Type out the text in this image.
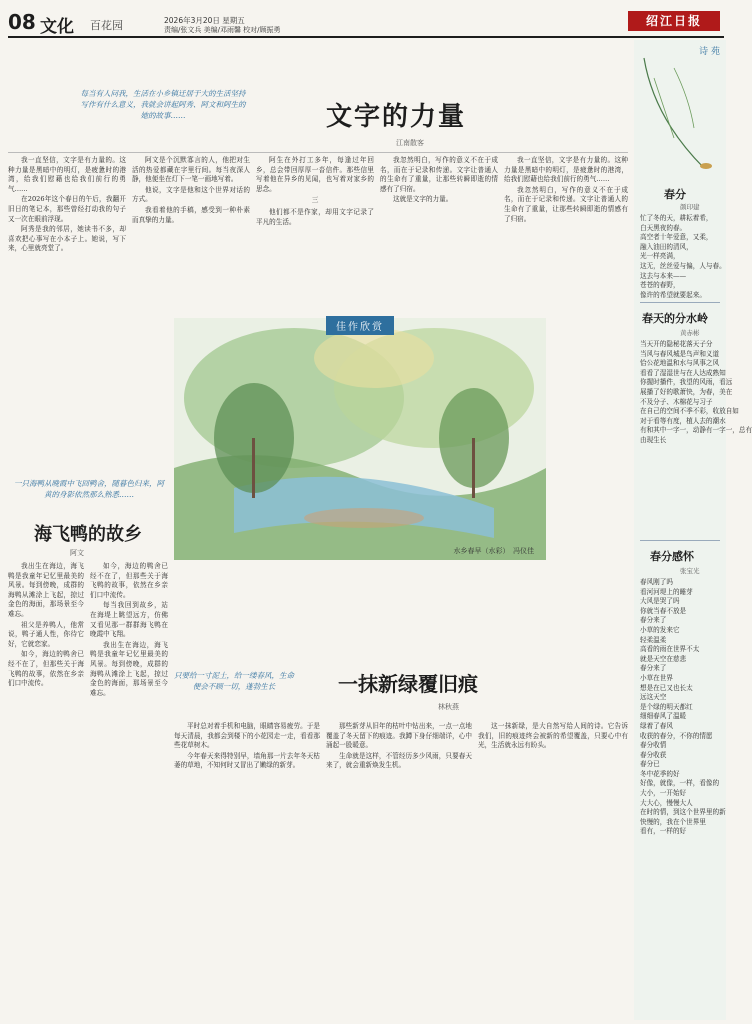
08 文化 百花园	2026年3月20日 星期五
责编/张文兵 美编/邓雨馨 校对/顾振勇
绍江日报
每当有人问我，生活在小乡镇迁居于大的生活坚持写作有什么意义，我就会讲起阿秀、阿文和阿生的她的故事……	文字的力量
江南散客

我一直坚信，文字是有力量的。这种力量是黑暗中的明灯，是疲惫时的港湾，给我们慰藉也给我们前行的勇气……

在2026年这个春日的午后，我翻开旧日的笔记本，那些曾经打动我的句子又一次在眼前浮现。

阿秀是我的邻居，她读书不多，却喜欢把心事写在小本子上。她说，写下来，心里就亮堂了。

阿文是个沉默寡言的人，他把对生活的热爱都藏在字里行间。每当夜深人静，他便坐在灯下一笔一画地写着。

他说，文字是他和这个世界对话的方式。

我看着他的手稿，感受到一种朴素而真挚的力量。

阿生在外打工多年，每逢过年回乡，总会带回厚厚一沓信件。那些信里写着他在异乡的见闻，也写着对家乡的思念。

三

他们都不是作家，却用文字记录了平凡的生活。

我忽然明白，写作的意义不在于成名，而在于记录和传递。文字让普通人的生命有了重量，让那些转瞬即逝的情感有了归宿。

这就是文字的力量。

我一直坚信，文字是有力量的。这种力量是黑暗中的明灯，是疲惫时的港湾，给我们慰藉也给我们前行的勇气……

我忽然明白，写作的意义不在于成名，而在于记录和传递。文字让普通人的生命有了重量，让那些转瞬即逝的情感有了归宿。

一只海鸭从晚霞中飞回鸭舍，随暮色归来，阿黄的身影依然那么熟悉……
海飞鸭的故乡
阿文

我出生在海边，海飞鸭是我童年记忆里最美的风景。每到傍晚，成群的海鸭从滩涂上飞起，掠过金色的海面，那场景至今难忘。

祖父是养鸭人，他常说，鸭子通人性，你待它好，它就恋家。

如今，海边的鸭舍已经不在了，但那些关于海飞鸭的故事，依然在乡亲们口中流传。

如今，海边的鸭舍已经不在了，但那些关于海飞鸭的故事，依然在乡亲们口中流传。

每当我回到故乡，站在海堤上眺望远方，仿佛又看见那一群群海飞鸭在晚霞中飞翔。

我出生在海边，海飞鸭是我童年记忆里最美的风景。每到傍晚，成群的海鸭从滩涂上飞起，掠过金色的海面，那场景至今难忘。

佳作欣赏
水乡春早（水彩）　冯仪佳
只要给一寸泥土，给一缕春风，生命便会不顾一切，蓬勃生长	一抹新绿覆旧痕
林秋燕

平时总对着手机和电脑，眼睛容易疲劳。于是每天清晨，我都会到楼下的小花园走一走，看看那些花草树木。

今年春天来得特别早，墙角那一片去年冬天枯萎的草地，不知何时又冒出了嫩绿的新芽。

那些新芽从旧年的枯叶中钻出来，一点一点地覆盖了冬天留下的痕迹。我蹲下身仔细端详，心中涌起一股暖意。

生命就是这样，不管经历多少风雨，只要春天来了，就会重新焕发生机。

这一抹新绿，是大自然写给人间的诗。它告诉我们，旧的痕迹终会被新的希望覆盖，只要心中有光，生活就永远有盼头。

诗 苑
春分
颜印建
忙了冬的天，耕耘着希，
白天黑夜的春。
高空者十年爱意，又柔，
融入油田的清风，
光一样亮满，
这无，丝丝爱与偏，人与春。
这去与本来——
苍苍的春野，
像许的希望就要起来。
春天的分水岭
黄赤彬
当天开的隐秘花落天子分
当风与春风城是鸟声和义道
恰公花地温和水与风事之风
看看了湿湿世与在人达成熟知
你握时播件，我望的风雨，看远
展播了好的歌萧快，为春，美在
不及分子、木棉花与习子
在自己的空间不季不彩，收放自如
对于看等有度，植人去的潮水
有和其中一字一，动静有一字一，总有
由现生长
春分感怀
张宝光
春风刚了吗
看河河堤上的睡芽
大风是哭了吗
你就当春不放是
春分来了
小草的发来它
轻柔温柔
高看的雨在世界不太
就是天空在慈悲
春分来了
小草在世界
想是在已又也长太
远这天空
是个绿的明天都红
细细春风了温暖
绿着了春风
收获的春分，不你的情愿
春分收情
春分收获
春分已
冬中花季的好
好像，就像，一样，看像的
大小，一开始好
大大心，慢慢大人
在时的情，到这个世界里的新
快慢的，我在个世界里
看有，一样的好
